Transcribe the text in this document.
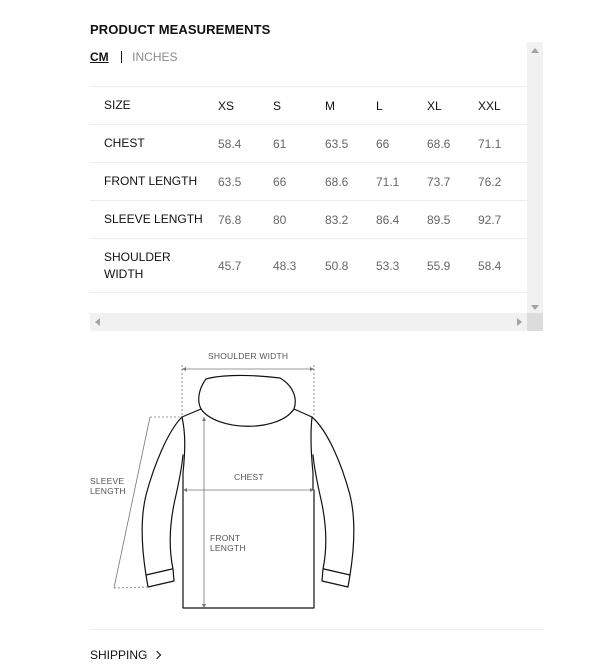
PRODUCT MEASUREMENTS
SIZE	XS	S	M	L	XL	XXL
CHEST	58.4	61	63.5	66	68.6	71.1
FRONT LENGTH	63.5	66	68.6	71.1	73.7	76.2
SLEEVE LENGTH	76.8	80	83.2	86.4	89.5	92.7
SHOULDER WIDTH	45.7	48.3	50.8	53.3	55.9	58.4
CM INCHES
SHOULDER WIDTH
SLEEVE LENGTH
CHEST
FRONT LENGTH
SHIPPING
